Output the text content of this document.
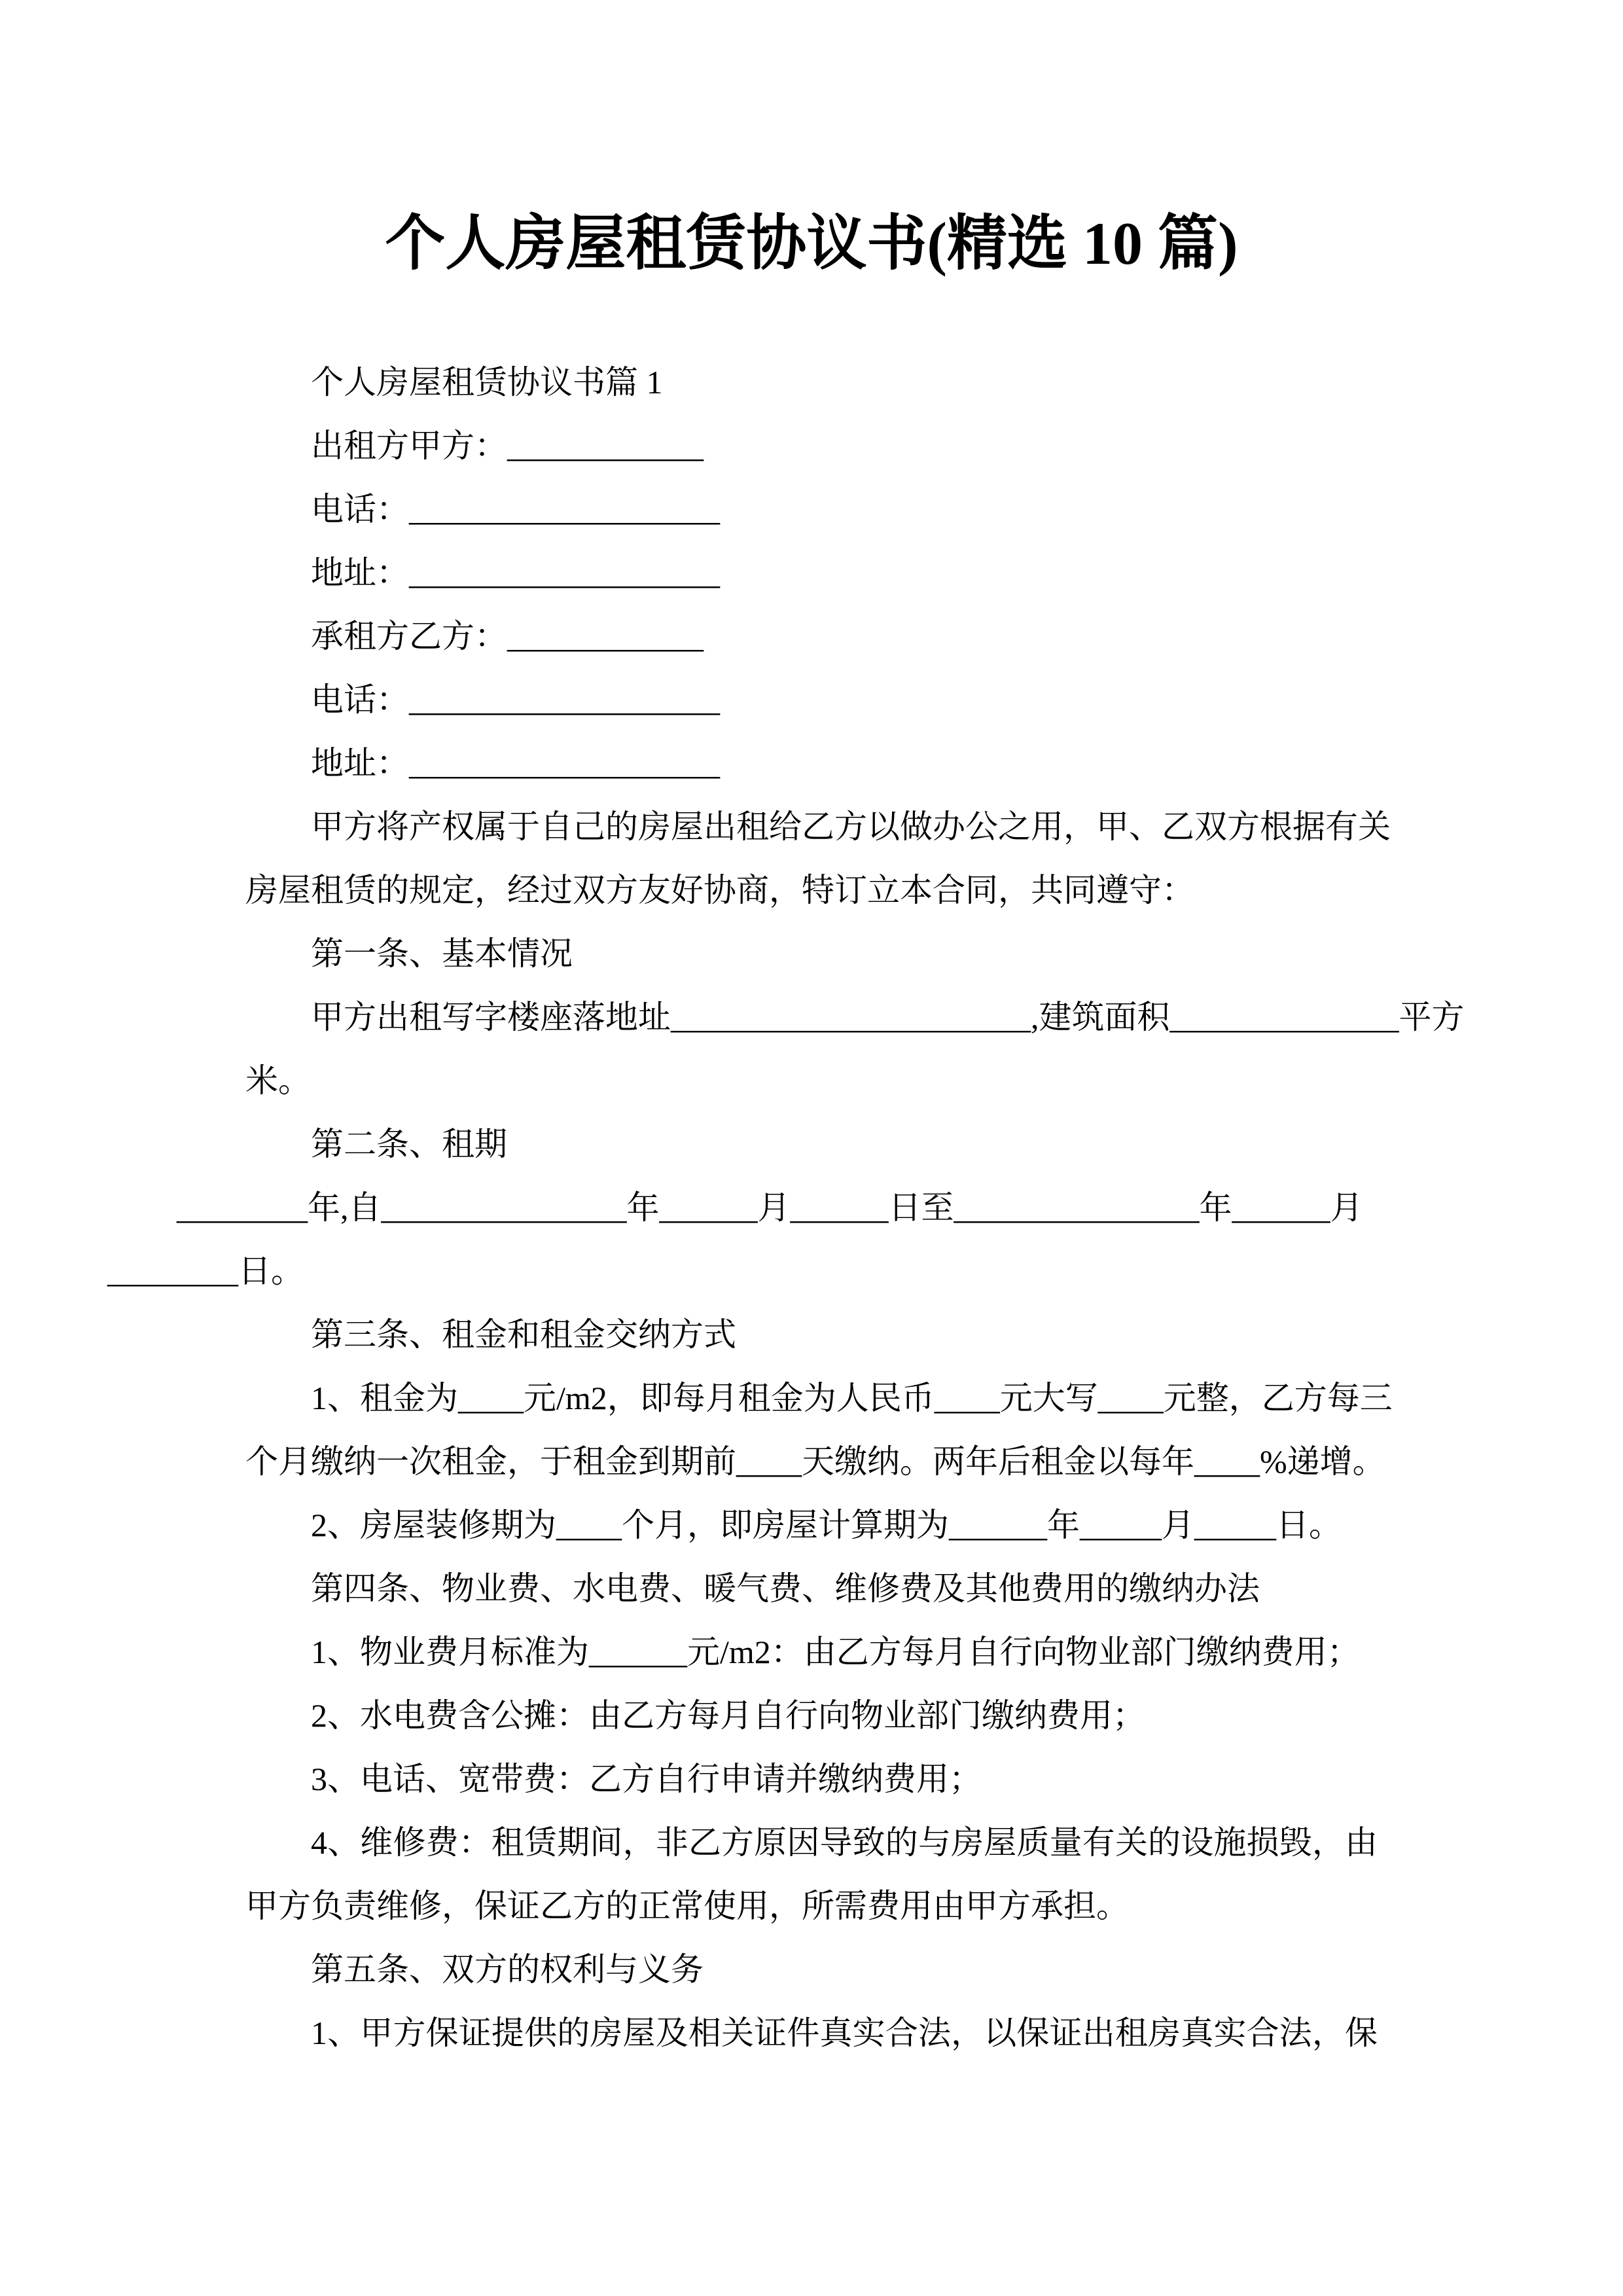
个人房屋租赁协议书(精选 10 篇)
个人房屋租赁协议书篇 1
出租方甲方：____________
电话：___________________
地址：___________________
承租方乙方：____________
电话：___________________
地址：___________________
甲方将产权属于自己的房屋出租给乙方以做办公之用，甲、乙双方根据有关
房屋租赁的规定，经过双方友好协商，特订立本合同，共同遵守：
第一条、基本情况
甲方出租写字楼座落地址______________________,建筑面积______________平方
米。
第二条、租期
________年,自_______________年______月______日至_______________年______月
________日。
第三条、租金和租金交纳方式
1、租金为____元/m2，即每月租金为人民币____元大写____元整，乙方每三
个月缴纳一次租金，于租金到期前____天缴纳。两年后租金以每年____%递增。
2、房屋装修期为____个月，即房屋计算期为______年_____月_____日。
第四条、物业费、水电费、暖气费、维修费及其他费用的缴纳办法
1、物业费月标准为______元/m2：由乙方每月自行向物业部门缴纳费用；
2、水电费含公摊：由乙方每月自行向物业部门缴纳费用；
3、电话、宽带费：乙方自行申请并缴纳费用；
4、维修费：租赁期间，非乙方原因导致的与房屋质量有关的设施损毁，由
甲方负责维修，保证乙方的正常使用，所需费用由甲方承担。
第五条、双方的权利与义务
1、甲方保证提供的房屋及相关证件真实合法，以保证出租房真实合法，保
